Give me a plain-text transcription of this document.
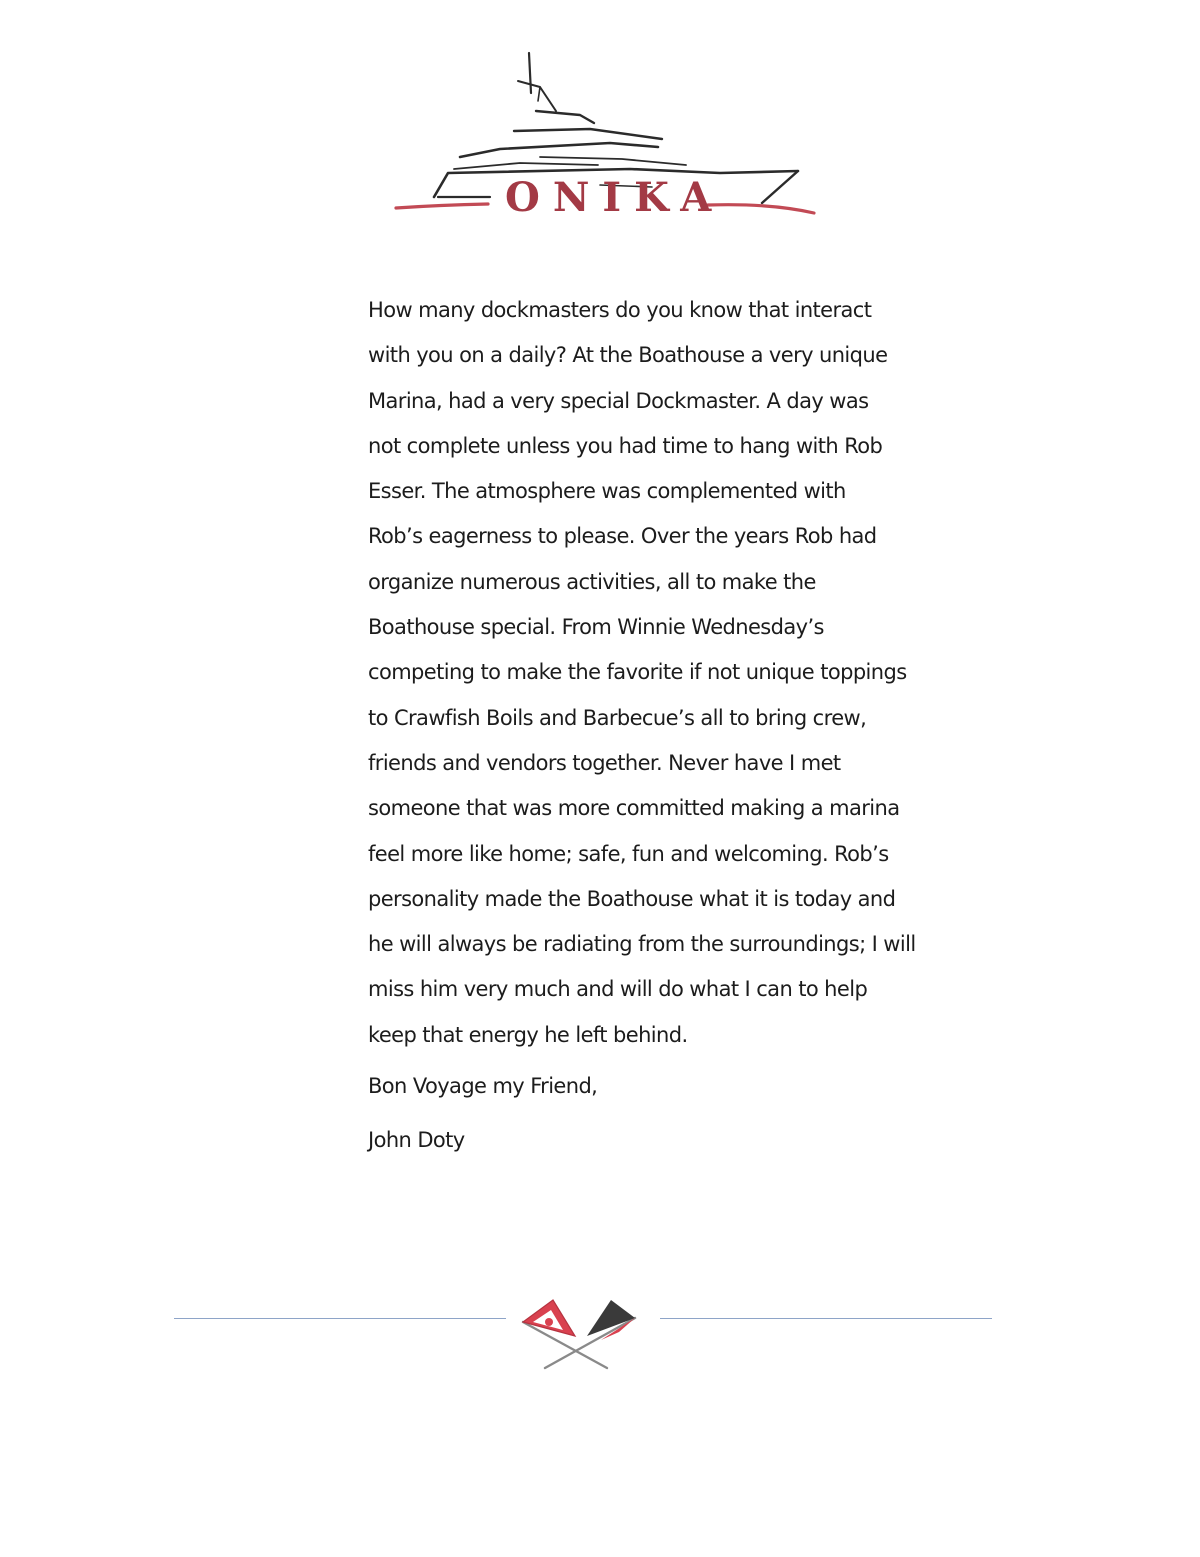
ONIKA
How many dockmasters do you know that interact
with you on a daily? At the Boathouse a very unique
Marina, had a very special Dockmaster. A day was
not complete unless you had time to hang with Rob
Esser. The atmosphere was complemented with
Rob’s eagerness to please. Over the years Rob had
organize numerous activities, all to make the
Boathouse special. From Winnie Wednesday’s
competing to make the favorite if not unique toppings
to Crawfish Boils and Barbecue’s all to bring crew,
friends and vendors together. Never have I met
someone that was more committed making a marina
feel more like home; safe, fun and welcoming. Rob’s
personality made the Boathouse what it is today and
he will always be radiating from the surroundings; I will
miss him very much and will do what I can to help
keep that energy he left behind.
Bon Voyage my Friend,
John Doty
